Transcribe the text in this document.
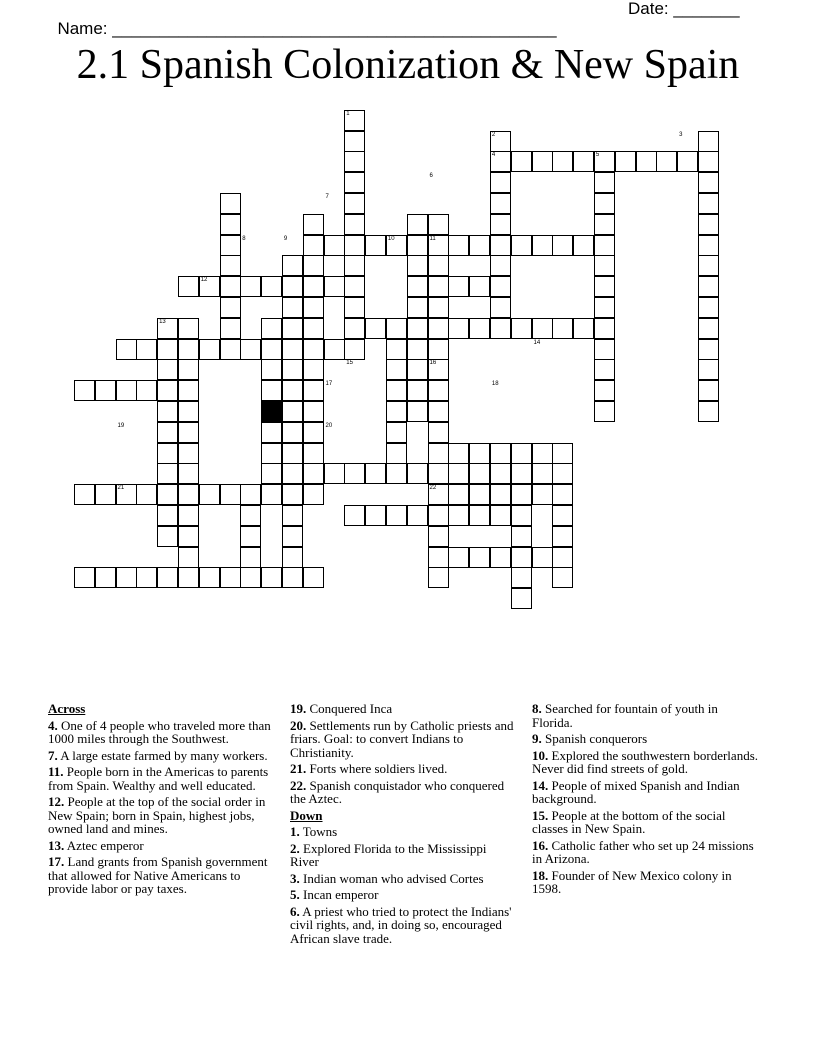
Name: _______________________________________________

Date: _______

2.1 Spanish Colonization & New Spain
1
2	3
4	5
6
7
8	9	10	11
12
13
14
15	16
17	18
19	20
21	22
Across
4. One of 4 people who traveled more than 1000 miles through the Southwest.
7. A large estate farmed by many workers.
11. People born in the Americas to parents from Spain. Wealthy and well educated.
12. People at the top of the social order in New Spain; born in Spain, highest jobs, owned land and mines.
13. Aztec emperor
17. Land grants from Spanish government that allowed for Native Americans to provide labor or pay taxes.
19. Conquered Inca
20. Settlements run by Catholic priests and friars. Goal: to convert Indians to Christianity.
21. Forts where soldiers lived.
22. Spanish conquistador who conquered the Aztec.
Down
1. Towns
2. Explored Florida to the Mississippi River
3. Indian woman who advised Cortes
5. Incan emperor
6. A priest who tried to protect the Indians' civil rights, and, in doing so, encouraged African slave trade.
8. Searched for fountain of youth in Florida.
9. Spanish conquerors
10. Explored the southwestern borderlands. Never did find streets of gold.
14. People of mixed Spanish and Indian background.
15. People at the bottom of the social classes in New Spain.
16. Catholic father who set up 24 missions in Arizona.
18. Founder of New Mexico colony in 1598.
